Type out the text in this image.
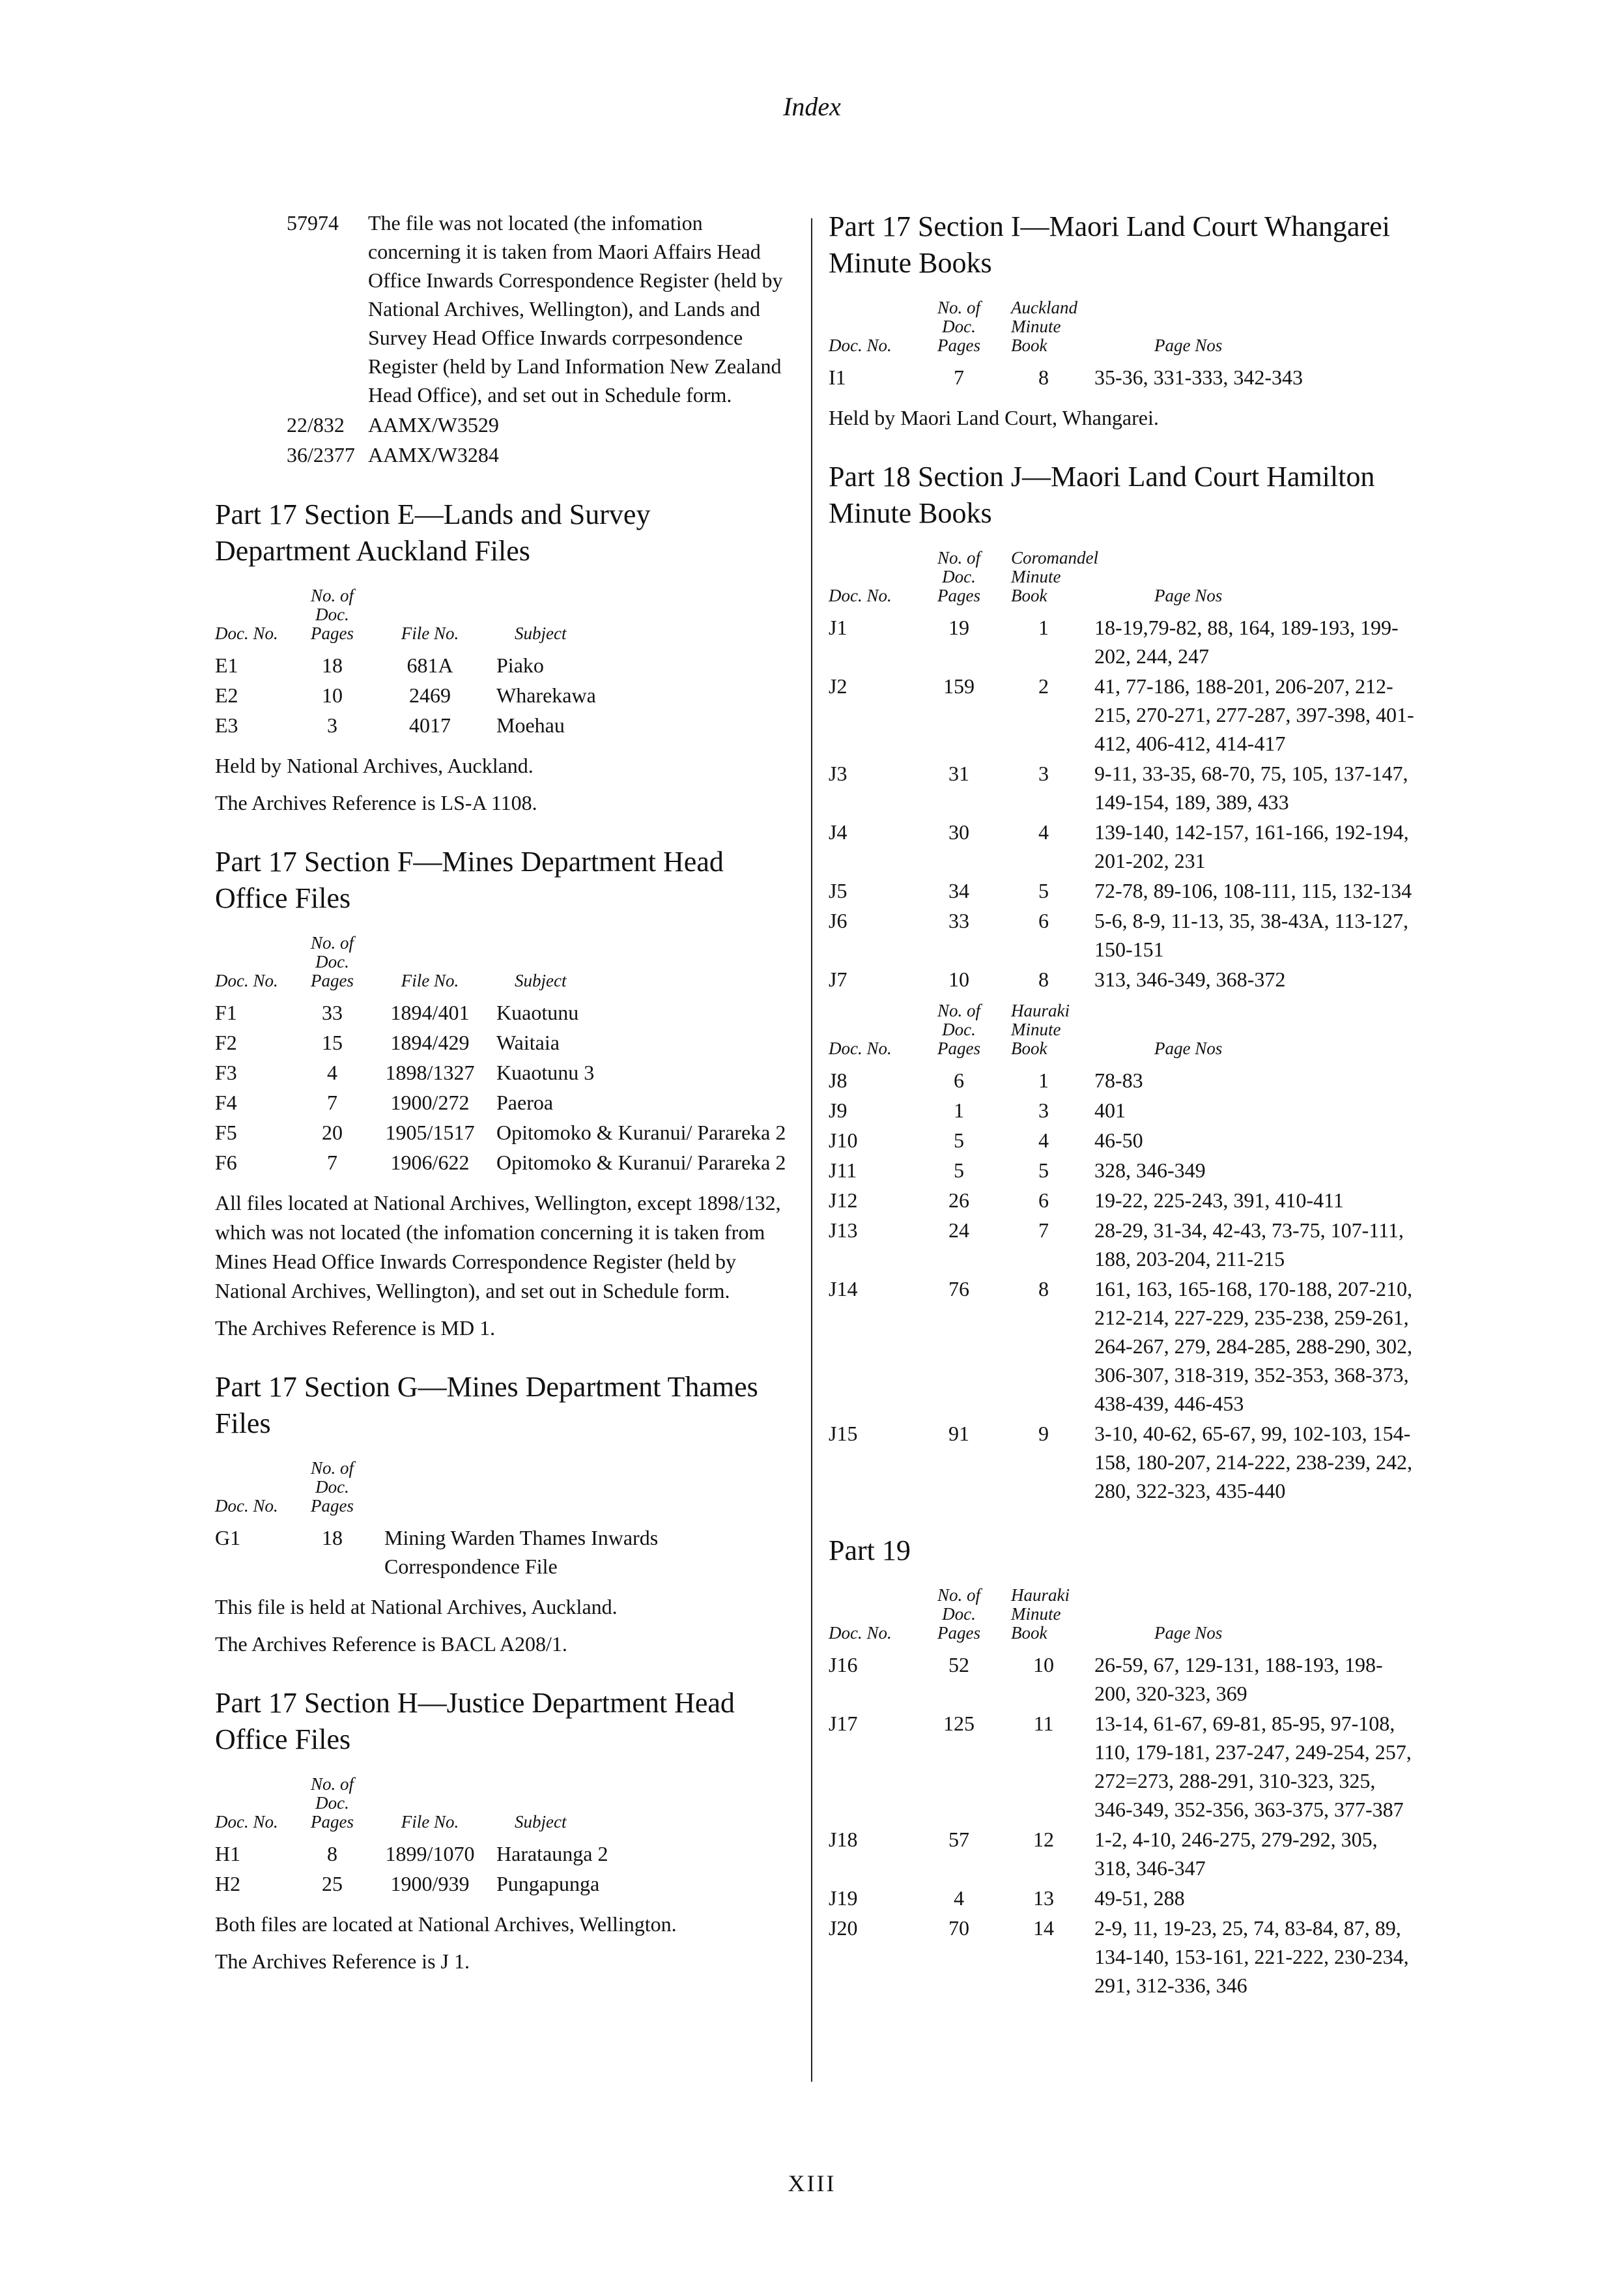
Index
57974	The file was not located (the infomation concerning it is taken from Maori Affairs Head Office Inwards Correspondence Register (held by National Archives, Wellington), and Lands and Survey Head Office Inwards corrpesondence Register (held by Land Information New Zealand Head Office), and set out in Schedule form.
22/832	AAMX/W3529
36/2377	AAMX/W3284
Part 17 Section E—Lands and Survey Department Auckland Files
Doc. No.	No. of Doc. Pages	File No.	Subject
E1	18	681A	Piako
E2	10	2469	Wharekawa
E3	3	4017	Moehau

Held by National Archives, Auckland.

The Archives Reference is LS-A 1108.

Part 17 Section F—Mines Department Head Office Files
Doc. No.	No. of Doc. Pages	File No.	Subject
F1	33	1894/401	Kuaotunu
F2	15	1894/429	Waitaia
F3	4	1898/1327	Kuaotunu 3
F4	7	1900/272	Paeroa
F5	20	1905/1517	Opitomoko & Kuranui/ Parareka 2
F6	7	1906/622	Opitomoko & Kuranui/ Parareka 2

All files located at National Archives, Wellington, except 1898/132, which was not located (the infomation concerning it is taken from Mines Head Office Inwards Correspondence Register (held by National Archives, Wellington), and set out in Schedule form.

The Archives Reference is MD 1.

Part 17 Section G—Mines Department Thames Files
Doc. No.	No. of Doc. Pages	
G1	18	Mining Warden Thames Inwards Correspondence File

This file is held at National Archives, Auckland.

The Archives Reference is BACL A208/1.

Part 17 Section H—Justice Department Head Office Files
Doc. No.	No. of Doc. Pages	File No.	Subject
H1	8	1899/1070	Harataunga 2
H2	25	1900/939	Pungapunga

Both files are located at National Archives, Wellington.

The Archives Reference is J 1.

Part 17 Section I—Maori Land Court Whangarei Minute Books
Doc. No.	No. of Doc. Pages	Auckland Minute Book	Page Nos
I1	7	8	35-36, 331-333, 342-343

Held by Maori Land Court, Whangarei.

Part 18 Section J—Maori Land Court Hamilton Minute Books
Doc. No.	No. of Doc. Pages	Coromandel Minute Book	Page Nos
J1	19	1	18-19,79-82, 88, 164, 189-193, 199-202, 244, 247
J2	159	2	41, 77-186, 188-201, 206-207, 212-215, 270-271, 277-287, 397-398, 401-412, 406-412, 414-417
J3	31	3	9-11, 33-35, 68-70, 75, 105, 137-147, 149-154, 189, 389, 433
J4	30	4	139-140, 142-157, 161-166, 192-194, 201-202, 231
J5	34	5	72-78, 89-106, 108-111, 115, 132-134
J6	33	6	5-6, 8-9, 11-13, 35, 38-43A, 113-127, 150-151
J7	10	8	313, 346-349, 368-372
Doc. No.	No. of Doc. Pages	Hauraki Minute Book	Page Nos
J8	6	1	78-83
J9	1	3	401
J10	5	4	46-50
J11	5	5	328, 346-349
J12	26	6	19-22, 225-243, 391, 410-411
J13	24	7	28-29, 31-34, 42-43, 73-75, 107-111, 188, 203-204, 211-215
J14	76	8	161, 163, 165-168, 170-188, 207-210, 212-214, 227-229, 235-238, 259-261, 264-267, 279, 284-285, 288-290, 302, 306-307, 318-319, 352-353, 368-373, 438-439, 446-453
J15	91	9	3-10, 40-62, 65-67, 99, 102-103, 154-158, 180-207, 214-222, 238-239, 242, 280, 322-323, 435-440
Part 19
Doc. No.	No. of Doc. Pages	Hauraki Minute Book	Page Nos
J16	52	10	26-59, 67, 129-131, 188-193, 198-200, 320-323, 369
J17	125	11	13-14, 61-67, 69-81, 85-95, 97-108, 110, 179-181, 237-247, 249-254, 257, 272=273, 288-291, 310-323, 325, 346-349, 352-356, 363-375, 377-387
J18	57	12	1-2, 4-10, 246-275, 279-292, 305, 318, 346-347
J19	4	13	49-51, 288
J20	70	14	2-9, 11, 19-23, 25, 74, 83-84, 87, 89, 134-140, 153-161, 221-222, 230-234, 291, 312-336, 346
XIII
